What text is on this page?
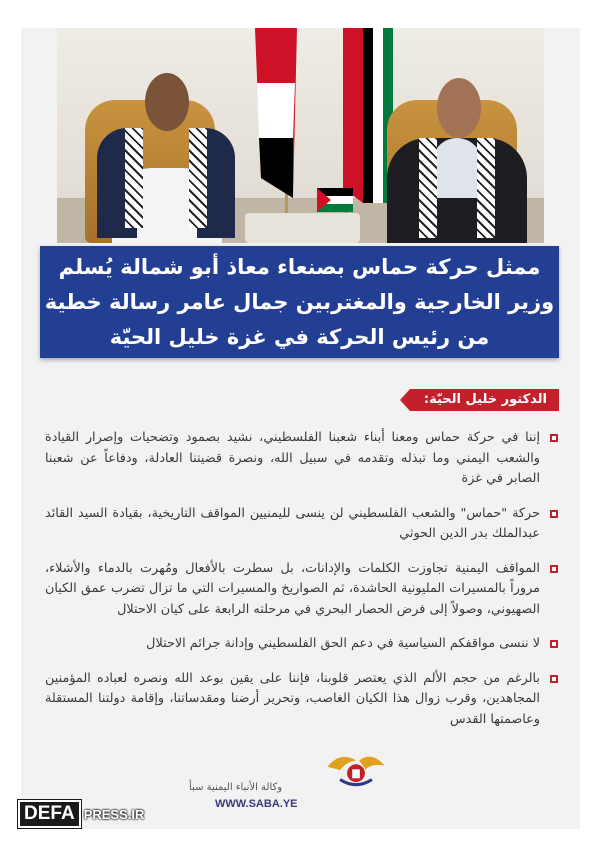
ممثل حركة حماس بصنعاء معاذ أبو شمالة يُسلم
وزير الخارجية والمغتربين جمال عامر رسالة خطية
من رئيس الحركة في غزة خليل الحيّة
الدكتور خليل الحيّة:
إننا في حركة حماس ومعنا أبناء شعبنا الفلسطيني، نشيد بصمود وتضحيات وإصرار القيادة والشعب اليمني وما تبذله وتقدمه في سبيل الله، ونصرة قضيتنا العادلة، ودفاعاً عن شعبنا الصابر في غزة
حركة "حماس" والشعب الفلسطيني لن ينسى لليمنيين المواقف التاريخية، بقيادة السيد القائد عبدالملك بدر الدين الحوثي
المواقف اليمنية تجاوزت الكلمات والإدانات، بل سطرت بالأفعال ومُهرت بالدماء والأشلاء، مروراً بالمسيرات المليونية الحاشدة، ثم الصواريخ والمسيرات التي ما تزال تضرب عمق الكيان الصهيوني، وصولاً إلى فرض الحصار البحري في مرحلته الرابعة على كيان الاحتلال
لا ننسى مواقفكم السياسية في دعم الحق الفلسطيني وإدانة جرائم الاحتلال
بالرغم من حجم الألم الذي يعتصر قلوبنا، فإننا على يقين بوعد الله ونصره لعباده المؤمنين المجاهدين، وقرب زوال هذا الكيان الغاصب، وتحرير أرضنا ومقدساتنا، وإقامة دولتنا المستقلة وعاصمتها القدس
وكالة الأنباء اليمنية سبأ
WWW.SABA.YE
DEFA PRESS.IR
